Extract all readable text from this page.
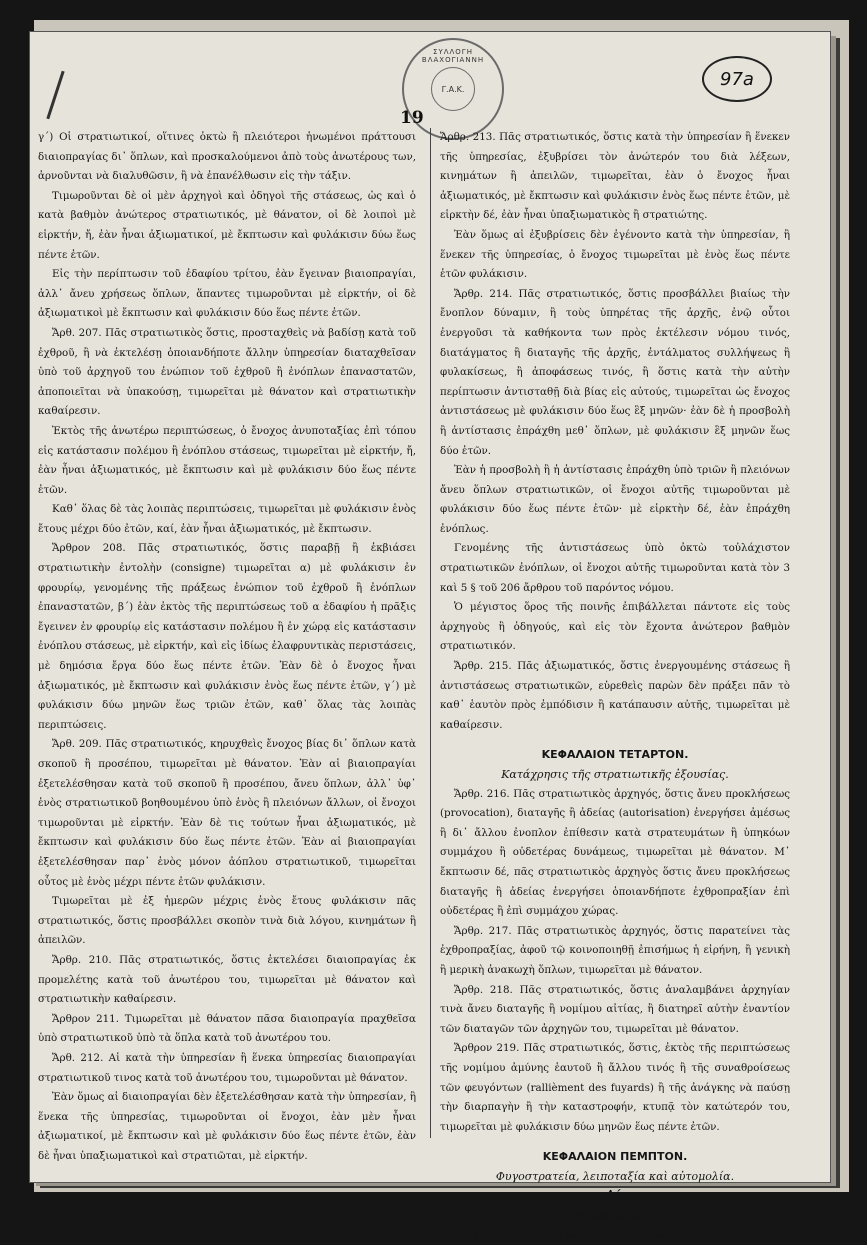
ΣΥΛΛΟΓΗ ΒΛΑΧΟΓΙΑΝΝΗ
Γ.Α.Κ.
19
97a

γ΄) Οἱ στρατιωτικοί, οἵτινες ὀκτὼ ἢ πλειότεροι ἡνωμένοι πράττουσι διαιοπραγίας δι᾽ ὅπλων, καὶ προσκαλούμενοι ἀπὸ τοὺς ἀνωτέρους των, ἀρνοῦνται νὰ διαλυθῶσιν, ἢ νὰ ἐπανέλθωσιν εἰς τὴν τάξιν.

Τιμωροῦνται δὲ οἱ μὲν ἀρχηγοὶ καὶ ὁδηγοὶ τῆς στάσεως, ὡς καὶ ὁ κατὰ βαθμὸν ἀνώτερος στρατιωτικός, μὲ θάνατον, οἱ δὲ λοιποὶ μὲ εἱρκτήν, ἤ, ἐὰν ἦναι ἀξιωματικοί, μὲ ἔκπτωσιν καὶ φυλάκισιν δύω ἕως πέντε ἐτῶν.

Εἰς τὴν περίπτωσιν τοῦ ἐδαφίου τρίτου, ἐὰν ἔγειναν βιαιοπραγίαι, ἀλλ᾽ ἄνευ χρήσεως ὅπλων, ἅπαντες τιμωροῦνται μὲ εἱρκτήν, οἱ δὲ ἀξιωματικοὶ μὲ ἔκπτωσιν καὶ φυλάκισιν δύο ἕως πέντε ἐτῶν.

Ἄρθ. 207. Πᾶς στρατιωτικὸς ὅστις, προσταχθεὶς νὰ βαδίσῃ κατὰ τοῦ ἐχθροῦ, ἢ νὰ ἐκτελέσῃ ὁποιανδήποτε ἄλλην ὑπηρεσίαν διαταχθεῖσαν ὑπὸ τοῦ ἀρχηγοῦ του ἐνώπιον τοῦ ἐχθροῦ ἢ ἐνόπλων ἐπαναστατῶν, ἀποποιεῖται νὰ ὑπακούσῃ, τιμωρεῖται μὲ θάνατον καὶ στρατιωτικὴν καθαίρεσιν.

Ἐκτὸς τῆς ἀνωτέρω περιπτώσεως, ὁ ἔνοχος ἀνυποταξίας ἐπὶ τόπου εἰς κατάστασιν πολέμου ἢ ἐνόπλου στάσεως, τιμωρεῖται μὲ εἱρκτήν, ἤ, ἐὰν ἦναι ἀξιωματικός, μὲ ἔκπτωσιν καὶ μὲ φυλάκισιν δύο ἕως πέντε ἐτῶν.

Καθ᾽ ὅλας δὲ τὰς λοιπὰς περιπτώσεις, τιμωρεῖται μὲ φυλάκισιν ἑνὸς ἔτους μέχρι δύο ἐτῶν, καί, ἐὰν ἦναι ἀξιωματικός, μὲ ἔκπτωσιν.

Ἄρθρον 208. Πᾶς στρατιωτικός, ὅστις παραβῇ ἢ ἐκβιάσει στρατιωτικὴν ἐντολὴν (consigne) τιμωρεῖται α) μὲ φυλάκισιν ἐν φρουρίῳ, γενομένης τῆς πράξεως ἐνώπιον τοῦ ἐχθροῦ ἢ ἐνόπλων ἐπαναστατῶν, β΄) ἐὰν ἐκτὸς τῆς περιπτώσεως τοῦ α ἐδαφίου ἡ πρᾶξις ἔγεινεν ἐν φρουρίῳ εἰς κατάστασιν πολέμου ἢ ἐν χώρᾳ εἰς κατάστασιν ἐνόπλου στάσεως, μὲ εἱρκτήν, καὶ εἰς ἰδίως ἐλαφρυντικὰς περιστάσεις, μὲ δημόσια ἔργα δύο ἕως πέντε ἐτῶν. Ἐὰν δὲ ὁ ἔνοχος ἦναι ἀξιωματικός, μὲ ἔκπτωσιν καὶ φυλάκισιν ἑνὸς ἕως πέντε ἐτῶν, γ΄) μὲ φυλάκισιν δύω μηνῶν ἕως τριῶν ἐτῶν, καθ᾽ ὅλας τὰς λοιπὰς περιπτώσεις.

Ἄρθ. 209. Πᾶς στρατιωτικός, κηρυχθεὶς ἔνοχος βίας δι᾽ ὅπλων κατὰ σκοποῦ ἢ προσέπου, τιμωρεῖται μὲ θάνατον. Ἐὰν αἱ βιαιοπραγίαι ἐξετελέσθησαν κατὰ τοῦ σκοποῦ ἢ προσέπου, ἄνευ ὅπλων, ἀλλ᾽ ὑφ᾽ ἑνὸς στρατιωτικοῦ βοηθουμένου ὑπὸ ἑνὸς ἢ πλειόνων ἄλλων, οἱ ἔνοχοι τιμωροῦνται μὲ εἱρκτήν. Ἐὰν δὲ τις τούτων ἦναι ἀξιωματικός, μὲ ἔκπτωσιν καὶ φυλάκισιν δύο ἕως πέντε ἐτῶν. Ἐὰν αἱ βιαιοπραγίαι ἐξετελέσθησαν παρ᾽ ἑνὸς μόνον ἀόπλου στρατιωτικοῦ, τιμωρεῖται οὗτος μὲ ἑνὸς μέχρι πέντε ἐτῶν φυλάκισιν.

Τιμωρεῖται μὲ ἐξ ἡμερῶν μέχρις ἑνὸς ἔτους φυλάκισιν πᾶς στρατιωτικός, ὅστις προσβάλλει σκοπὸν τινὰ διὰ λόγου, κινημάτων ἢ ἀπειλῶν.

Ἄρθρ. 210. Πᾶς στρατιωτικός, ὅστις ἐκτελέσει διαιοπραγίας ἐκ προμελέτης κατὰ τοῦ ἀνωτέρου του, τιμωρεῖται μὲ θάνατον καὶ στρατιωτικὴν καθαίρεσιν.

Ἄρθρον 211. Τιμωρεῖται μὲ θάνατον πᾶσα διαιοπραγία πραχθεῖσα ὑπὸ στρατιωτικοῦ ὑπὸ τὰ ὅπλα κατὰ τοῦ ἀνωτέρου του.

Ἄρθ. 212. Αἱ κατὰ τὴν ὑπηρεσίαν ἢ ἕνεκα ὑπηρεσίας διαιοπραγίαι στρατιωτικοῦ τινος κατὰ τοῦ ἀνωτέρου του, τιμωροῦνται μὲ θάνατον.

Ἐὰν ὅμως αἱ διαιοπραγίαι δὲν ἐξετελέσθησαν κατὰ τὴν ὑπηρεσίαν, ἢ ἕνεκα τῆς ὑπηρεσίας, τιμωροῦνται οἱ ἔνοχοι, ἐὰν μὲν ἦναι ἀξιωματικοί, μὲ ἔκπτωσιν καὶ μὲ φυλάκισιν δύο ἕως πέντε ἐτῶν, ἐὰν δὲ ἦναι ὑπαξιωματικοὶ καὶ στρατιῶται, μὲ εἱρκτήν.

Ἄρθρ. 213. Πᾶς στρατιωτικός, ὅστις κατὰ τὴν ὑπηρεσίαν ἢ ἕνεκεν τῆς ὑπηρεσίας, ἐξυβρίσει τὸν ἀνώτερόν του διὰ λέξεων, κινημάτων ἢ ἀπειλῶν, τιμωρεῖται, ἐὰν ὁ ἔνοχος ἦναι ἀξιωματικός, μὲ ἔκπτωσιν καὶ φυλάκισιν ἑνὸς ἕως πέντε ἐτῶν, μὲ εἱρκτὴν δέ, ἐὰν ἦναι ὑπαξιωματικὸς ἢ στρατιώτης.

Ἐὰν ὅμως αἱ ἐξυβρίσεις δὲν ἐγένοντο κατὰ τὴν ὑπηρεσίαν, ἢ ἕνεκεν τῆς ὑπηρεσίας, ὁ ἔνοχος τιμωρεῖται μὲ ἑνὸς ἕως πέντε ἐτῶν φυλάκισιν.

Ἄρθρ. 214. Πᾶς στρατιωτικός, ὅστις προσβάλλει βιαίως τὴν ἔνοπλον δύναμιν, ἢ τοὺς ὑπηρέτας τῆς ἀρχῆς, ἐνῷ οὗτοι ἐνεργοῦσι τὰ καθήκοντα των πρὸς ἐκτέλεσιν νόμου τινός, διατάγματος ἢ διαταγῆς τῆς ἀρχῆς, ἐντάλματος συλλήψεως ἢ φυλακίσεως, ἢ ἀποφάσεως τινός, ἢ ὅστις κατὰ τὴν αὐτὴν περίπτωσιν ἀντισταθῇ διὰ βίας εἰς αὐτούς, τιμωρεῖται ὡς ἔνοχος ἀντιστάσεως μὲ φυλάκισιν δύο ἕως ἓξ μηνῶν· ἐὰν δὲ ἡ προσβολὴ ἢ ἀντίστασις ἐπράχθη μεθ᾽ ὅπλων, μὲ φυλάκισιν ἓξ μηνῶν ἕως δύο ἐτῶν.

Ἐὰν ἡ προσβολὴ ἢ ἡ ἀντίστασις ἐπράχθη ὑπὸ τριῶν ἢ πλειόνων ἄνευ ὅπλων στρατιωτικῶν, οἱ ἔνοχοι αὐτῆς τιμωροῦνται μὲ φυλάκισιν δύο ἕως πέντε ἐτῶν· μὲ εἱρκτὴν δέ, ἐὰν ἐπράχθη ἐνόπλως.

Γενομένης τῆς ἀντιστάσεως ὑπὸ ὀκτὼ τοὐλάχιστον στρατιωτικῶν ἐνόπλων, οἱ ἔνοχοι αὐτῆς τιμωροῦνται κατὰ τὸν 3 καὶ 5 § τοῦ 206 ἄρθρου τοῦ παρόντος νόμου.

Ὁ μέγιστος ὅρος τῆς ποινῆς ἐπιβάλλεται πάντοτε εἰς τοὺς ἀρχηγοὺς ἢ ὁδηγούς, καὶ εἰς τὸν ἔχοντα ἀνώτερον βαθμὸν στρατιωτικόν.

Ἄρθρ. 215. Πᾶς ἀξιωματικός, ὅστις ἐνεργουμένης στάσεως ἢ ἀντιστάσεως στρατιωτικῶν, εὑρεθεὶς παρὼν δὲν πράξει πᾶν τὸ καθ᾽ ἑαυτὸν πρὸς ἐμπόδισιν ἢ κατάπαυσιν αὐτῆς, τιμωρεῖται μὲ καθαίρεσιν.

ΚΕΦΑΛΑΙΟΝ ΤΕΤΑΡΤΟΝ.

Κατάχρησις τῆς στρατιωτικῆς ἐξουσίας.

Ἄρθρ. 216. Πᾶς στρατιωτικὸς ἀρχηγός, ὅστις ἄνευ προκλήσεως (provocation), διαταγῆς ἢ ἀδείας (autorisation) ἐνεργήσει ἀμέσως ἢ δι᾽ ἄλλου ἐνοπλον ἐπίθεσιν κατὰ στρατευμάτων ἢ ὑπηκόων συμμάχου ἢ οὐδετέρας δυνάμεως, τιμωρεῖται μὲ θάνατον. Μ᾽ ἔκπτωσιν δέ, πᾶς στρατιωτικὸς ἀρχηγὸς ὅστις ἄνευ προκλήσεως διαταγῆς ἢ ἀδείας ἐνεργήσει ὁποιανδήποτε ἐχθροπραξίαν ἐπὶ οὐδετέρας ἢ ἐπὶ συμμάχου χώρας.

Ἄρθρ. 217. Πᾶς στρατιωτικὸς ἀρχηγός, ὅστις παρατείνει τὰς ἐχθροπραξίας, ἀφοῦ τῷ κοινοποιηθῇ ἐπισήμως ἡ εἰρήνη, ἢ γενικὴ ἢ μερικὴ ἀνακωχὴ ὅπλων, τιμωρεῖται μὲ θάνατον.

Ἄρθρ. 218. Πᾶς στρατιωτικός, ὅστις ἀναλαμβάνει ἀρχηγίαν τινὰ ἄνευ διαταγῆς ἢ νομίμου αἰτίας, ἢ διατηρεῖ αὐτὴν ἐναντίον τῶν διαταγῶν τῶν ἀρχηγῶν του, τιμωρεῖται μὲ θάνατον.

Ἄρθρον 219. Πᾶς στρατιωτικός, ὅστις, ἐκτὸς τῆς περιπτώσεως τῆς νομίμου ἀμύνης ἑαυτοῦ ἢ ἄλλου τινός ἢ τῆς συναθροίσεως τῶν φευγόντων (rallièment des fuyards) ἢ τῆς ἀνάγκης νὰ παύσῃ τὴν διαρπαγὴν ἢ τὴν καταστροφήν, κτυπᾷ τὸν κατώτερόν του, τιμωρεῖται μὲ φυλάκισιν δύω μηνῶν ἕως πέντε ἐτῶν.

ΚΕΦΑΛΑΙΟΝ ΠΕΜΠΤΟΝ.

Φυγοστρατεία, λειποταξία καὶ αὐτομολία.

Α΄.

Φυγοστρατεία.

Ἄρθρον 220. Θεωρεῖται ὡς φυγόστρατος καὶ τιμωρεῖται μὲ
